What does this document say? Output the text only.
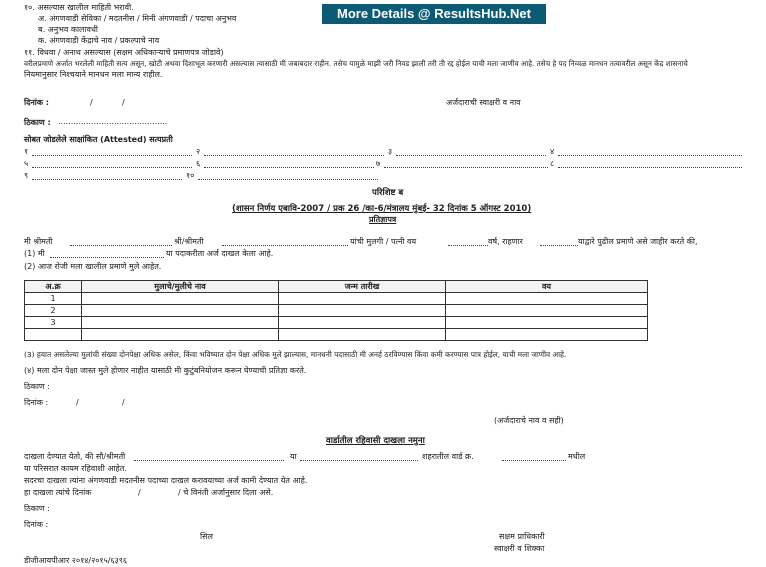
More Details @ ResultsHub.Net
१०. असल्यास खालील माहिती भरावी.
अ. अंगणवाडी सेविका / मदतनीस / मिनी अंगणवाडी / पदाचा अनुभव
ब. अनुभव कालावधी
क. अंगणवाडी केंद्राचे नाव / प्रकल्पाचे नाव
११. विधवा / अनाथ असल्यास (सक्षम अधिकाऱ्याचे प्रमाणपत्र जोडावे)
वरीलप्रमाणे अर्जात भरलेली माहिती सत्य असून, खोटी अथवा दिशाभूल करणारी असल्यास त्यासाठी मी जबाबदार राहीन. तसेच यामुळे माझी जरी निवड झाली तरी ती रद्द होईल याची मला जाणीव आहे. तसेच हे पद निव्वळ मानधन तत्वावरील असून केंद्र शासनाचे
नियमानुसार निश्चयाने मानधन मला मान्य राहील.
दिनांक :	/	/	अर्जदाराची स्वाक्षरी व नाव
ठिकाण : ...........................................
सोबत जोडलेले साक्षांकित (Attested) सत्यप्रती
१	२	३	४
५	६	७	८
९	१०
परिशिष्ट ब
(शासन निर्णय एबावि-2007 / प्रक 26 /का-6/मंत्रालय मुंबई- 32 दिनांक 5 ऑगस्ट 2010)
प्रतिज्ञापत्र
मी श्रीमती	श्री/श्रीमती	यांची मुलगी / पत्नी वय	वर्ष, राहणार	याद्वारे पुढील प्रमाणे असे जाहीर करते की,
(1) मी	या पदाकरीता अर्ज दाखल केला आहे.
(2) आज रोजी मला खालील प्रमाणे मुले आहेत.
अ.क्र	मुलाचे/मुलीचे नाव	जन्म तारीख	वय
1			
2			
3			

(3) हयात असलेल्या मुलांची संख्या दोनपेक्षा अधिक असेल, किंवा भविष्यात दोन पेक्षा अधिक मुले झाल्यास, मानधनी पदासाठी मी अनर्ह ठरविण्यास किंवा कमी करण्यास पात्र होईल, याची मला जाणीव आहे.
(४) मला दोन पेक्षा जास्त मुले होणार नाहीत यासाठी मी कुटुंबनियोजन करून घेण्याची प्रतिज्ञा करते.
ठिकाण :
दिनांक :	/	/
(अर्जदाराचे नाव व सही)
वार्डातील रहिवासी दाखला नमुना
दाखला देण्यात येतो, की सौ/श्रीमती	या	शहरातील वार्ड क्र.	मधील
या परिसरात कायम रहिवाशी आहेत.
सदरचा दाखला त्यांना अंगणवाडी मदतनीस पदाच्या दाखल करावयाच्या अर्ज कामी देण्यात येत आहे.
हा दाखला त्यांचे दिनांक	/	/ चे विनंती अर्जानुसार दिला असे.
ठिकाण :
दिनांक :
सिल	सक्षम प्राधिकारी
स्वाक्षरी व शिक्का
डीजीआयपीआर २०१४/२०१५/६३९६
